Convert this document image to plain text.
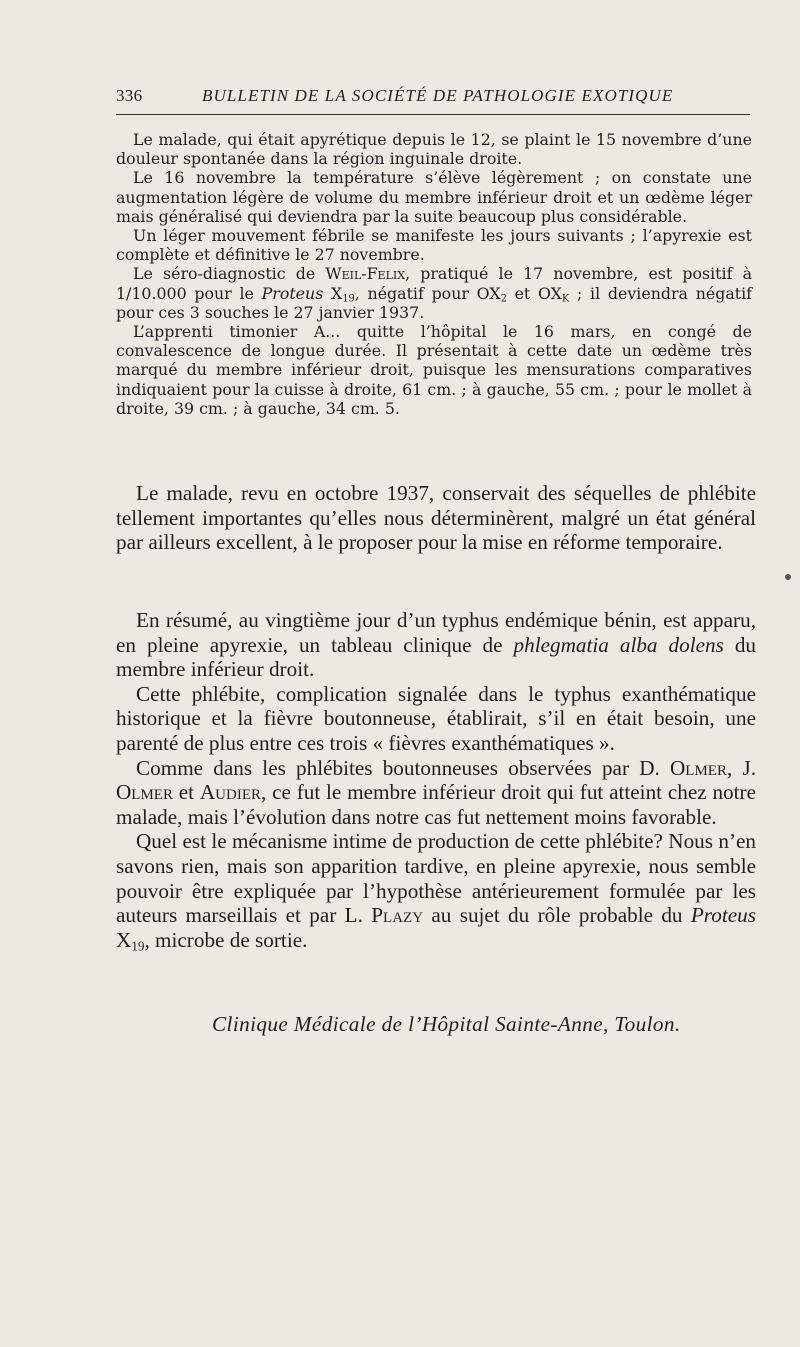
336	BULLETIN DE LA SOCIÉTÉ DE PATHOLOGIE EXOTIQUE

Le malade, qui était apyrétique depuis le 12, se plaint le 15 novembre d’une douleur spontanée dans la région inguinale droite.

Le 16 novembre la température s’élève légèrement ; on constate une augmentation légère de volume du membre inférieur droit et un œdème léger mais généralisé qui deviendra par la suite beaucoup plus considérable.

Un léger mouvement fébrile se manifeste les jours suivants ; l’apyrexie est complète et définitive le 27 novembre.

Le séro-diagnostic de Weil-Felix, pratiqué le 17 novembre, est positif à 1/10.000 pour le Proteus $X_{19}$, négatif pour $OX_2$ et $OX_K$ ; il deviendra négatif pour ces 3 souches le 27 janvier 1937.

L’apprenti timonier A... quitte l’hôpital le 16 mars, en congé de convalescence de longue durée. Il présentait à cette date un œdème très marqué du membre inférieur droit, puisque les mensurations comparatives indiquaient pour la cuisse à droite, 61 cm. ; à gauche, 55 cm. ; pour le mollet à droite, 39 cm. ; à gauche, 34 cm. 5.

Le malade, revu en octobre 1937, conservait des séquelles de phlébite tellement importantes qu’elles nous déterminèrent, malgré un état général par ailleurs excellent, à le proposer pour la mise en réforme temporaire.

En résumé, au vingtième jour d’un typhus endémique bénin, est apparu, en pleine apyrexie, un tableau clinique de phlegmatia alba dolens du membre inférieur droit.

Cette phlébite, complication signalée dans le typhus exanthématique historique et la fièvre boutonneuse, établirait, s’il en était besoin, une parenté de plus entre ces trois « fièvres exanthématiques ».

Comme dans les phlébites boutonneuses observées par D. Olmer, J. Olmer et Audier, ce fut le membre inférieur droit qui fut atteint chez notre malade, mais l’évolution dans notre cas fut nettement moins favorable.

Quel est le mécanisme intime de production de cette phlébite? Nous n’en savons rien, mais son apparition tardive, en pleine apyrexie, nous semble pouvoir être expliquée par l’hypothèse antérieurement formulée par les auteurs marseillais et par L. Plazy au sujet du rôle probable du Proteus $X_{19}$, microbe de sortie.

Clinique Médicale de l’Hôpital Sainte-Anne, Toulon.
